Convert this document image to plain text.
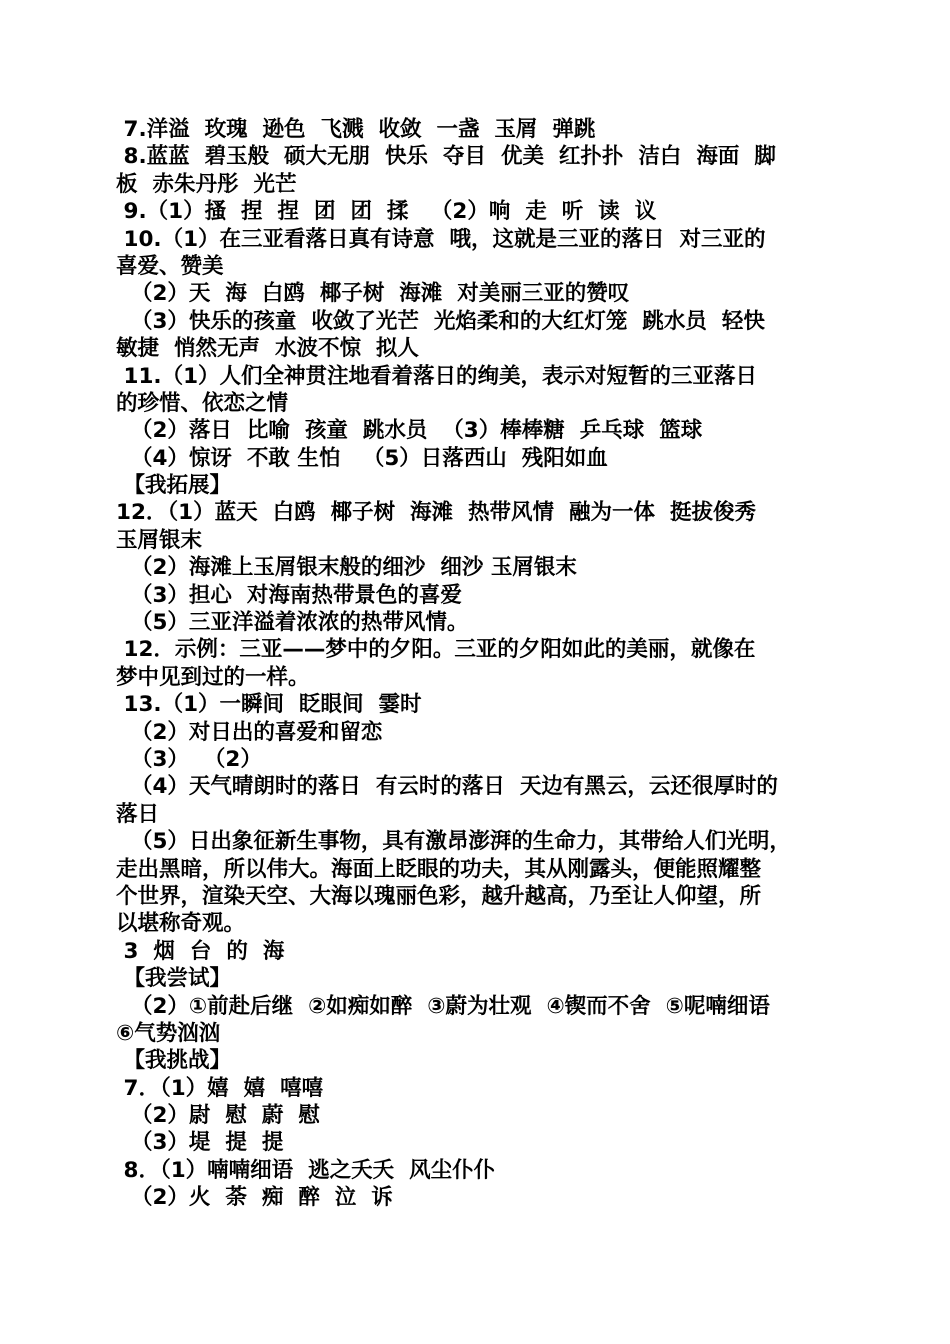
7.洋溢  玫瑰  逊色  飞溅  收敛  一盏  玉屑  弹跳
8.蓝蓝  碧玉般  硕大无朋  快乐  夺目  优美  红扑扑  洁白  海面  脚
板  赤朱丹彤  光芒
9.（1）搔  捏  捏  团  团  揉   （2）响  走  听  读  议
10.（1）在三亚看落日真有诗意  哦，这就是三亚的落日  对三亚的
喜爱、赞美
（2）天  海  白鸥  椰子树  海滩  对美丽三亚的赞叹
（3）快乐的孩童  收敛了光芒  光焰柔和的大红灯笼  跳水员  轻快
敏捷  悄然无声  水波不惊  拟人
11.（1）人们全神贯注地看着落日的绚美，表示对短暂的三亚落日
的珍惜、依恋之情
（2）落日  比喻  孩童  跳水员  （3）棒棒糖  乒乓球  篮球
（4）惊讶  不敢 生怕   （5）日落西山  残阳如血
【我拓展】
12．（1）蓝天  白鸥  椰子树  海滩  热带风情  融为一体  挺拔俊秀
玉屑银末
（2）海滩上玉屑银末般的细沙  细沙 玉屑银末
（3）担心  对海南热带景色的喜爱
（5）三亚洋溢着浓浓的热带风情。
12．示例：三亚——梦中的夕阳。三亚的夕阳如此的美丽，就像在
梦中见到过的一样。
13.（1）一瞬间  眨眼间  霎时
（2）对日出的喜爱和留恋
（3）  （2）
（4）天气晴朗时的落日  有云时的落日  天边有黑云，云还很厚时的
落日
（5）日出象征新生事物，具有激昂澎湃的生命力，其带给人们光明，
走出黑暗，所以伟大。海面上眨眼的功夫，其从刚露头，便能照耀整
个世界，渲染天空、大海以瑰丽色彩，越升越高，乃至让人仰望，所
以堪称奇观。
3  烟  台  的  海
【我尝试】
（2）①前赴后继  ②如痴如醉  ③蔚为壮观  ④锲而不舍  ⑤呢喃细语
⑥气势汹汹
【我挑战】
7．（1）嬉  嬉  嘻嘻
（2）尉  慰  蔚  慰
（3）堤  提  提
8．（1）喃喃细语  逃之夭夭  风尘仆仆
（2）火  荼  痴  醉  泣  诉
